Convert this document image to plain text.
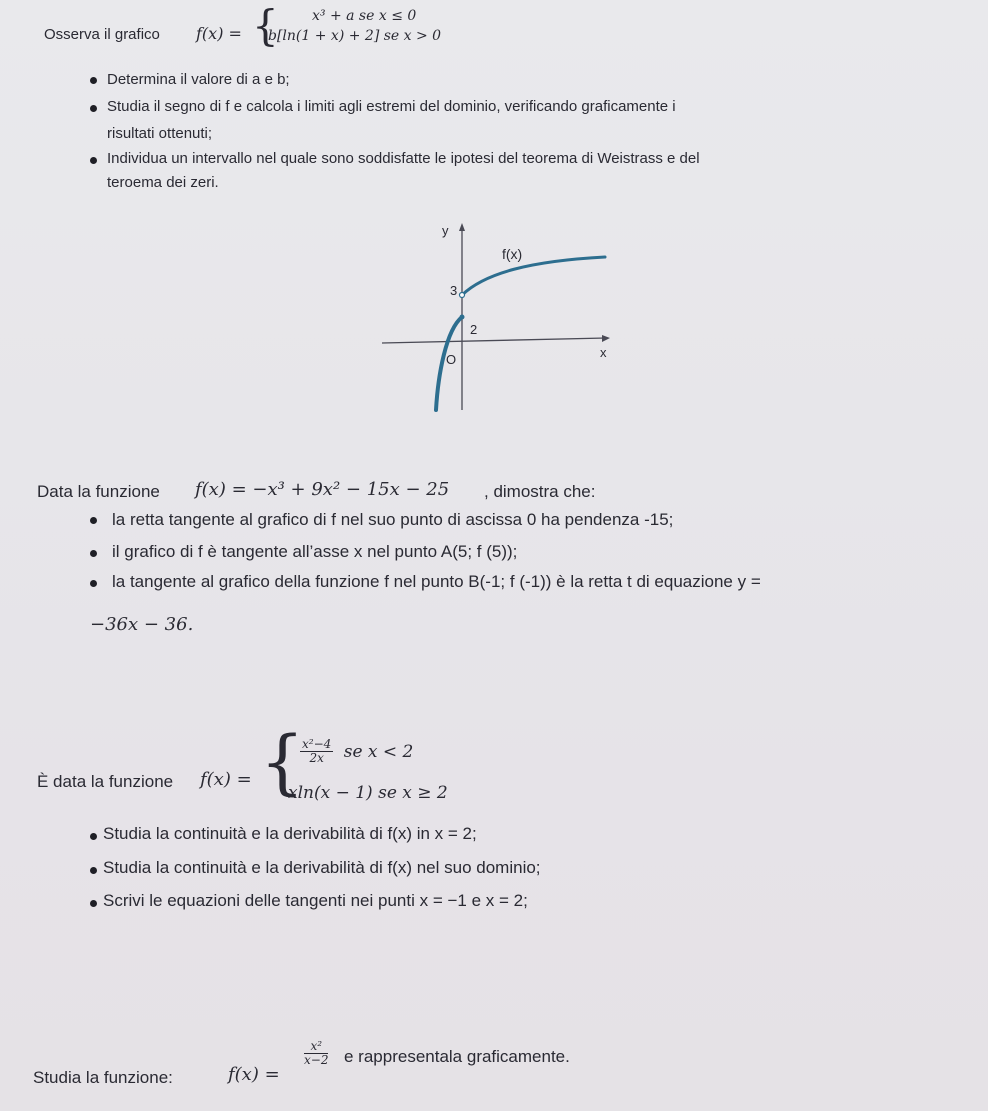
Osserva il grafico f(x) = { x³ + a se x ≤ 0
b[ln(1 + x) + 2] se x > 0
Determina il valore di a e b;
Studia il segno di f e calcola i limiti agli estremi del dominio, verificando graficamente i
risultati ottenuti;
Individua un intervallo nel quale sono soddisfatte le ipotesi del teorema di Weistrass e del
teroema dei zeri.
y
x
f(x)
3
2
O
Data la funzione f(x) = −x³ + 9x² − 15x − 25 , dimostra che:
la retta tangente al grafico di f nel suo punto di ascissa 0 ha pendenza -15;
il grafico di f è tangente all’asse x nel punto A(5; f (5));
la tangente al grafico della funzione f nel punto B(-1; f (-1)) è la retta t di equazione y =
−36x − 36.
È data la funzione f(x) = {
$\frac{\text{x²−4}}{2x}$ se x < 2
xln(x − 1) se x ≥ 2
Studia la continuità e la derivabilità di f(x) in x = 2;
Studia la continuità e la derivabilità di f(x) nel suo dominio;
Scrivi le equazioni delle tangenti nei punti x = −1 e x = 2;
Studia la funzione:	f(x) =
$\frac{\text{x²}}{x-2}$ e rappresentala graficamente.
